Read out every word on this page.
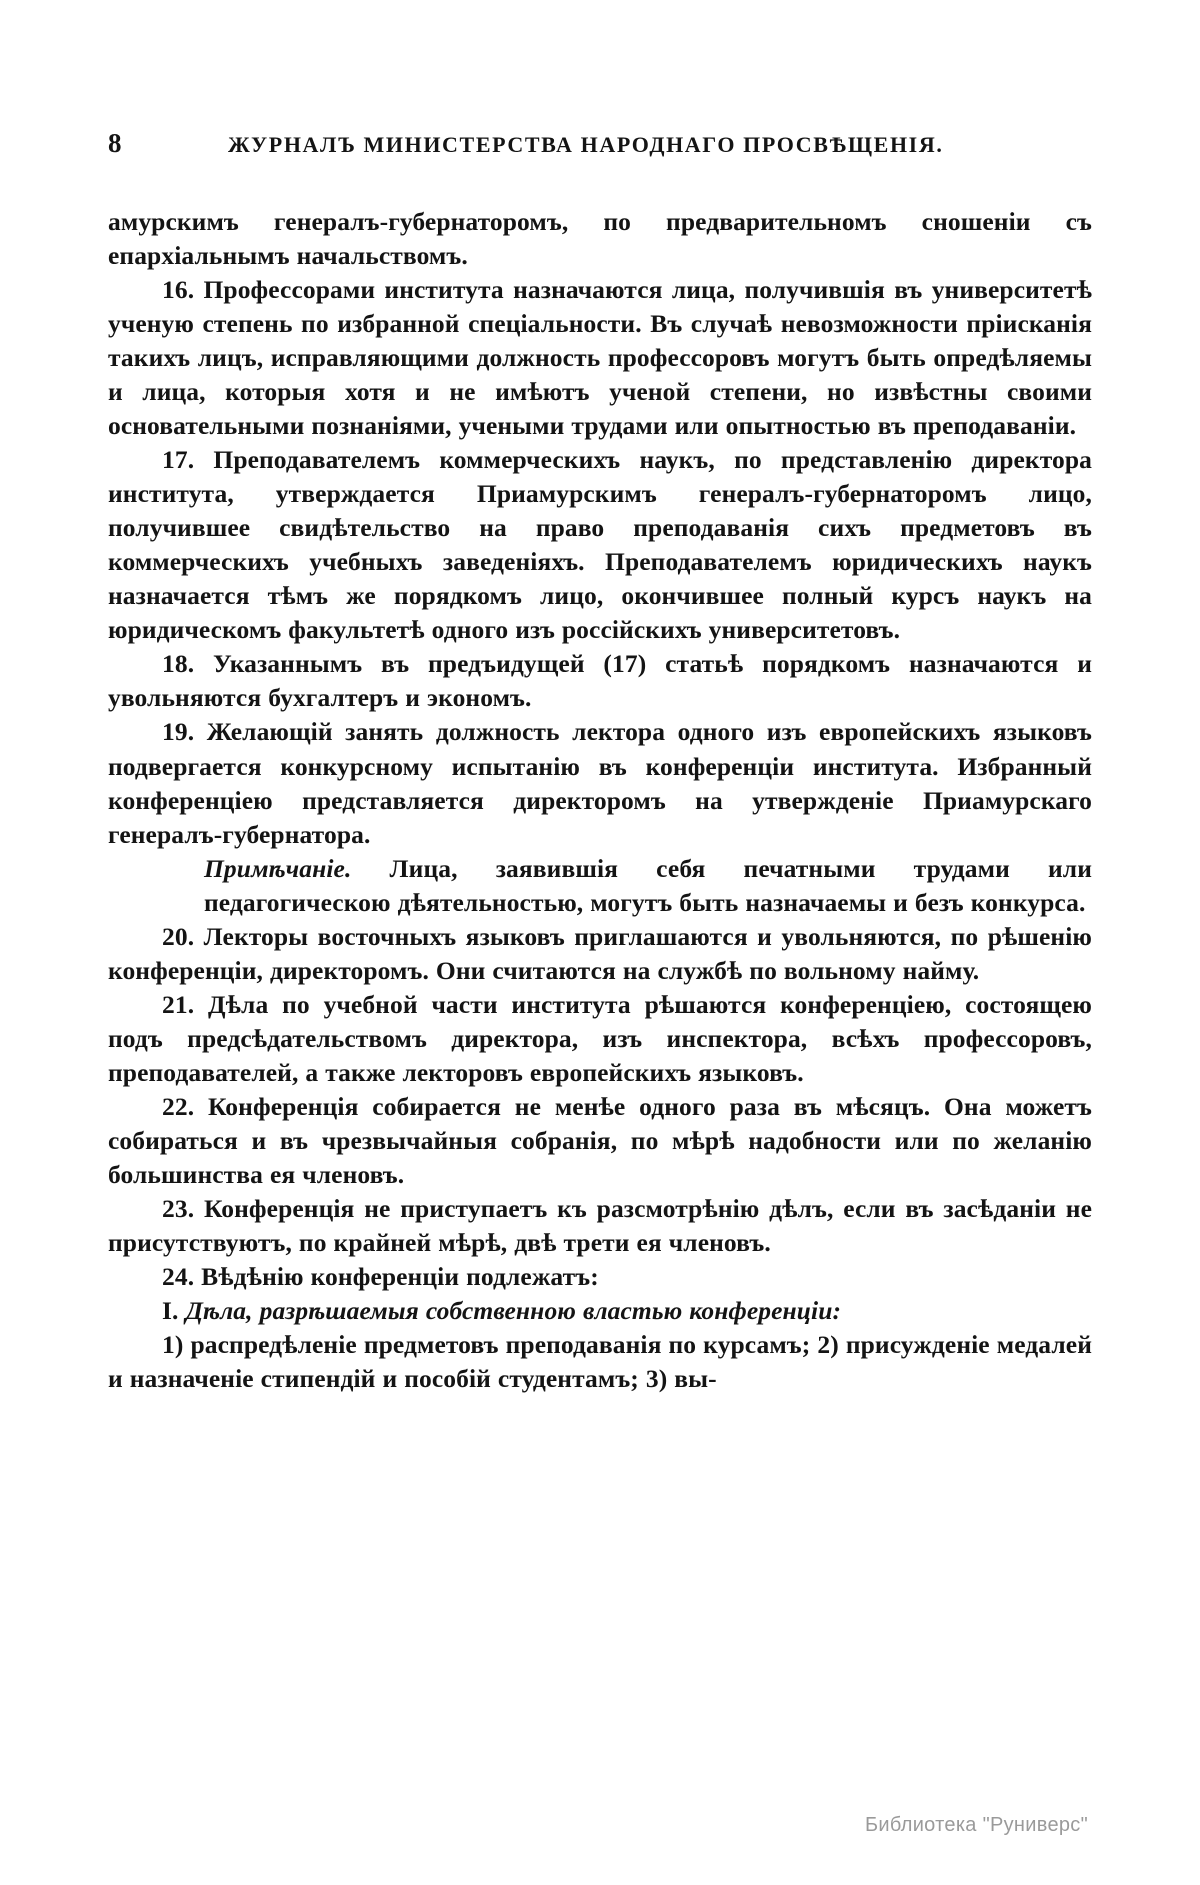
8	ЖУРНАЛЪ МИНИСТЕРСТВА НАРОДНАГО ПРОСВѢЩЕНІЯ.

амурскимъ генералъ-губернаторомъ, по предварительномъ сношеніи съ епархіальнымъ начальствомъ.

16. Профессорами института назначаются лица, получившія въ университетѣ ученую степень по избранной спеціальности. Въ случаѣ невозможности пріисканія такихъ лицъ, исправляющими должность профессоровъ могутъ быть опредѣляемы и лица, которыя хотя и не имѣютъ ученой степени, но извѣстны своими основательными познаніями, учеными трудами или опытностью въ преподаваніи.

17. Преподавателемъ коммерческихъ наукъ, по представленію директора института, утверждается Приамурскимъ генералъ-губернаторомъ лицо, получившее свидѣтельство на право преподаванія сихъ предметовъ въ коммерческихъ учебныхъ заведеніяхъ. Преподавателемъ юридическихъ наукъ назначается тѣмъ же порядкомъ лицо, окончившее полный курсъ наукъ на юридическомъ факультетѣ одного изъ россійскихъ университетовъ.

18. Указаннымъ въ предъидущей (17) статьѣ порядкомъ назначаются и увольняются бухгалтеръ и экономъ.

19. Желающій занять должность лектора одного изъ европейскихъ языковъ подвергается конкурсному испытанію въ конференціи института. Избранный конференціею представляется директоромъ на утвержденіе Приамурскаго генералъ-губернатора.

Примѣчаніе. Лица, заявившія себя печатными трудами или педагогическою дѣятельностью, могутъ быть назначаемы и безъ конкурса.

20. Лекторы восточныхъ языковъ приглашаются и увольняются, по рѣшенію конференціи, директоромъ. Они считаются на службѣ по вольному найму.

21. Дѣла по учебной части института рѣшаются конференціею, состоящею подъ предсѣдательствомъ директора, изъ инспектора, всѣхъ профессоровъ, преподавателей, а также лекторовъ европейскихъ языковъ.

22. Конференція собирается не менѣе одного раза въ мѣсяцъ. Она можетъ собираться и въ чрезвычайныя собранія, по мѣрѣ надобности или по желанію большинства ея членовъ.

23. Конференція не приступаетъ къ разсмотрѣнію дѣлъ, если въ засѣданіи не присутствуютъ, по крайней мѣрѣ, двѣ трети ея членовъ.

24. Вѣдѣнію конференціи подлежатъ:

I. Дѣла, разрѣшаемыя собственною властью конференціи:

1) распредѣленіе предметовъ преподаванія по курсамъ; 2) присужденіе медалей и назначеніе стипендій и пособій студентамъ; 3) вы-

Библиотека "Руниверс"
